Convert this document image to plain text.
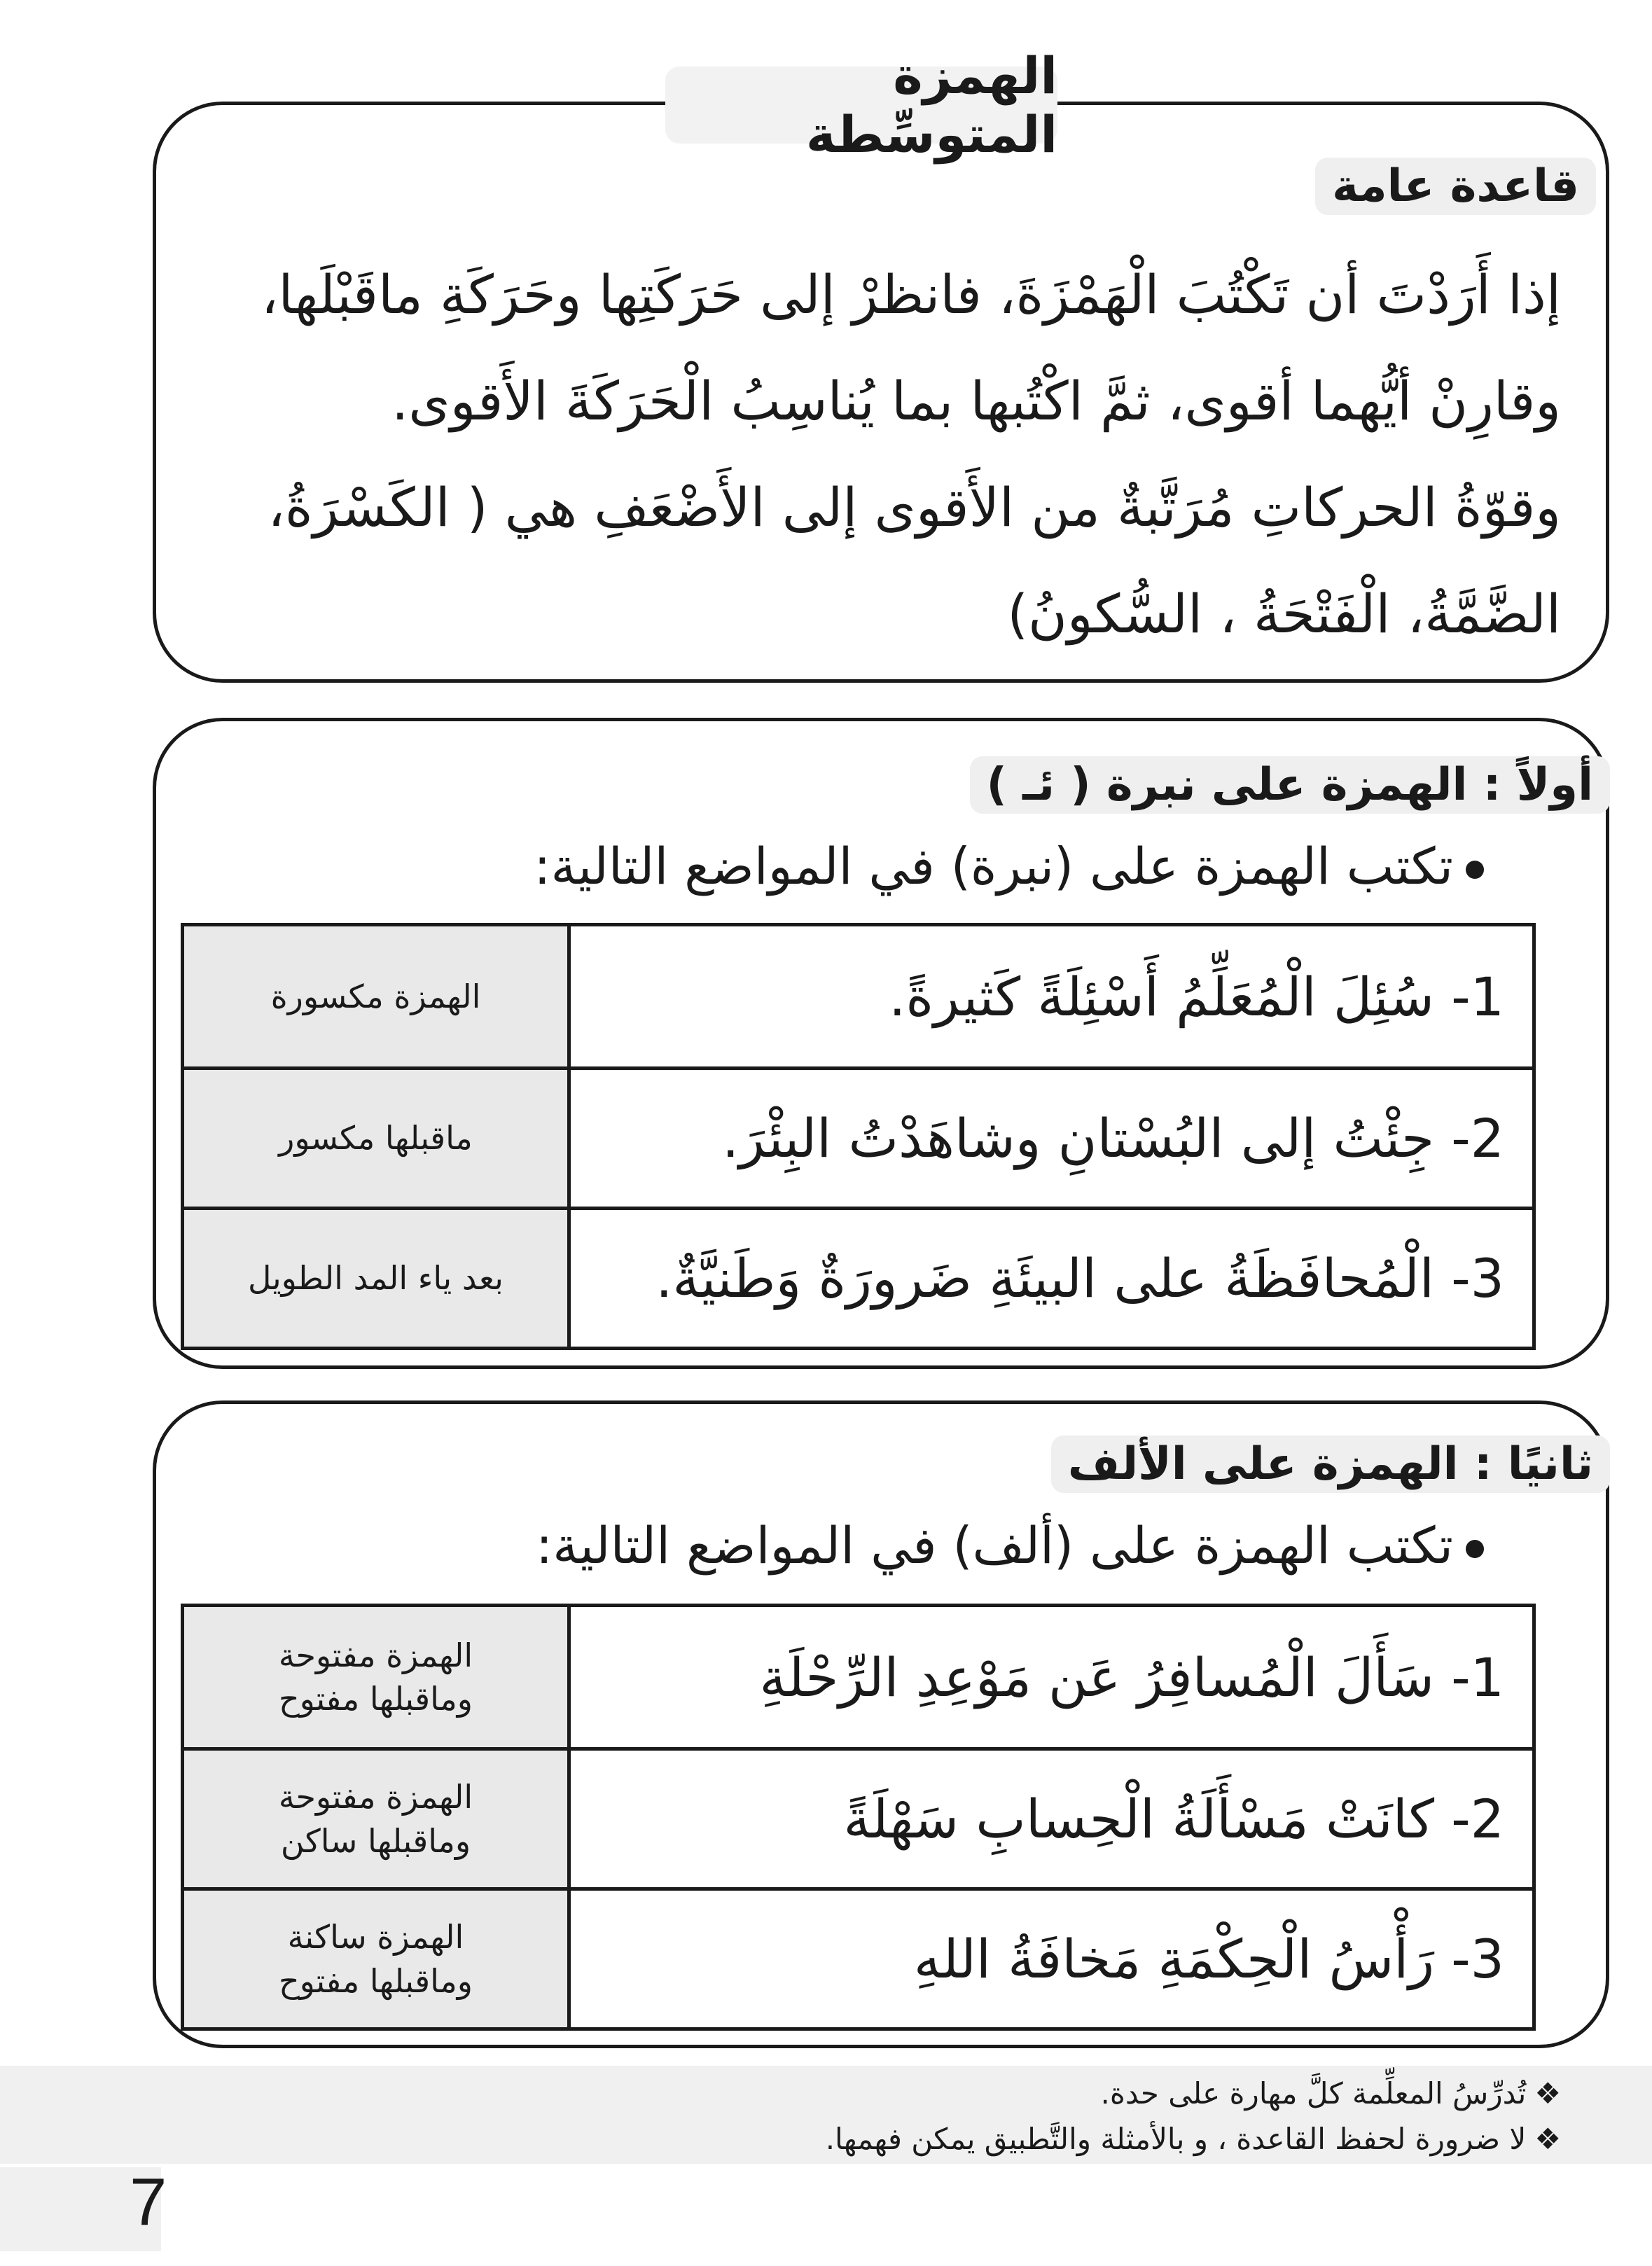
الهمزة المتوسِّطة
قاعدة عامة
إذا أَرَدْتَ أن تَكْتُبَ الْهَمْزَةَ، فانظرْ إلى حَرَكَتِها وحَرَكَةِ ماقَبْلَها،
وقارِنْ أيُّهما أقوى، ثمَّ اكْتُبها بما يُناسِبُ الْحَرَكَةَ الأَقوى.
وقوّةُ الحركاتِ مُرَتَّبةٌ من الأَقوى إلى الأَضْعَفِ هي ( الكَسْرَةُ،
الضَّمَّةُ، الْفَتْحَةُ ، السُّكونُ)
أولاً : الهمزة على نبرة ( ئـ )
تكتب الهمزة على (نبرة) في المواضع التالية:
1- سُئِلَ الْمُعَلِّمُ أَسْئِلَةً كَثيرةً.	الهمزة مكسورة
2- جِئْتُ إلى البُسْتانِ وشاهَدْتُ البِئْرَ.	ماقبلها مكسور
3- الْمُحافَظَةُ على البيئَةِ ضَرورَةٌ وَطَنيَّةٌ.	بعد ياء المد الطويل
ثانيًا : الهمزة على الألف
تكتب الهمزة على (ألف) في المواضع التالية:
1- سَأَلَ الْمُسافِرُ عَن مَوْعِدِ الرِّحْلَةِ	الهمزة مفتوحة
وماقبلها مفتوح

2- كانَتْ مَسْأَلَةُ الْحِسابِ سَهْلَةً	الهمزة مفتوحة
وماقبلها ساكن

3- رَأْسُ الْحِكْمَةِ مَخافَةُ اللهِ	الهمزة ساكنة
وماقبلها مفتوح
❖تُدرِّسُ المعلِّمة كلَّ مهارة على حدة.
❖لا ضرورة لحفظ القاعدة ، و بالأمثلة والتَّطبيق يمكن فهمها.
7
